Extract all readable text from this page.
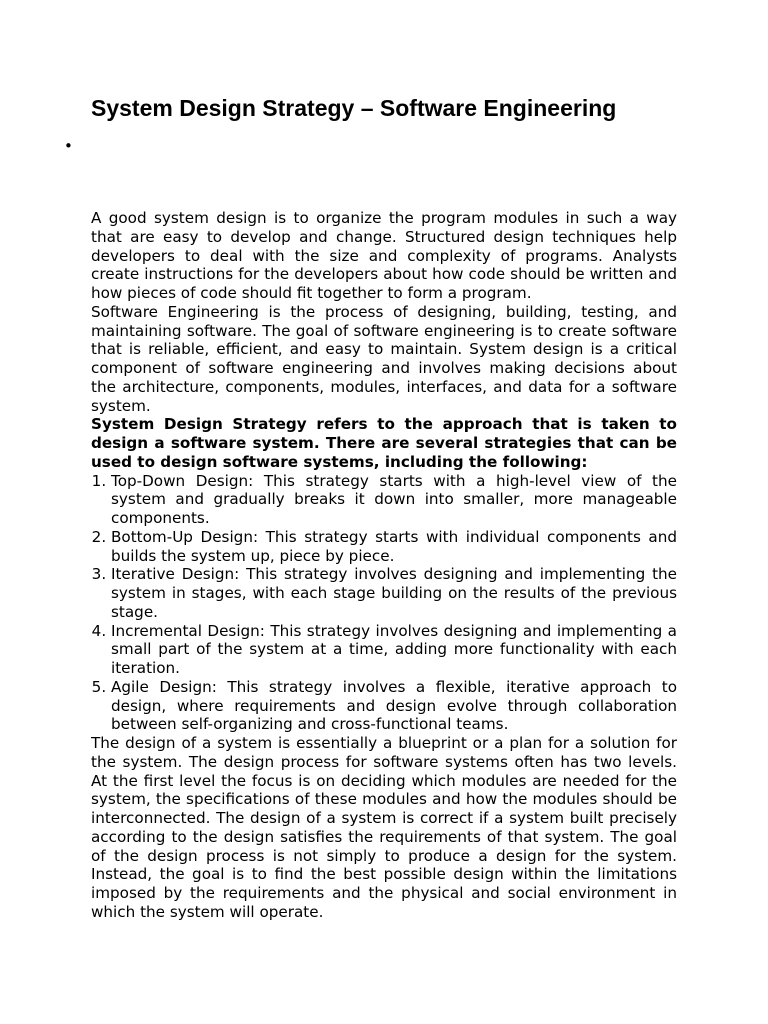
System Design Strategy – Software Engineering
•

A good system design is to organize the program modules in such a way that are easy to develop and change. Structured design techniques help developers to deal with the size and complexity of programs. Analysts create instructions for the developers about how code should be written and how pieces of code should fit together to form a program.

Software Engineering is the process of designing, building, testing, and maintaining software. The goal of software engineering is to create software that is reliable, efficient, and easy to maintain. System design is a critical component of software engineering and involves making decisions about the architecture, components, modules, interfaces, and data for a software system.

System Design Strategy refers to the approach that is taken to design a software system. There are several strategies that can be used to design software systems, including the following:

1. Top-Down Design: This strategy starts with a high-level view of the system and gradually breaks it down into smaller, more manageable components.
2. Bottom-Up Design: This strategy starts with individual components and builds the system up, piece by piece.
3. Iterative Design: This strategy involves designing and implementing the system in stages, with each stage building on the results of the previous stage.
4. Incremental Design: This strategy involves designing and implementing a small part of the system at a time, adding more functionality with each iteration.
5. Agile Design: This strategy involves a flexible, iterative approach to design, where requirements and design evolve through collaboration between self-organizing and cross-functional teams.

The design of a system is essentially a blueprint or a plan for a solution for the system. The design process for software systems often has two levels. At the first level the focus is on deciding which modules are needed for the system, the specifications of these modules and how the modules should be interconnected. The design of a system is correct if a system built precisely according to the design satisfies the requirements of that system. The goal of the design process is not simply to produce a design for the system. Instead, the goal is to find the best possible design within the limitations imposed by the requirements and the physical and social environment in which the system will operate.
